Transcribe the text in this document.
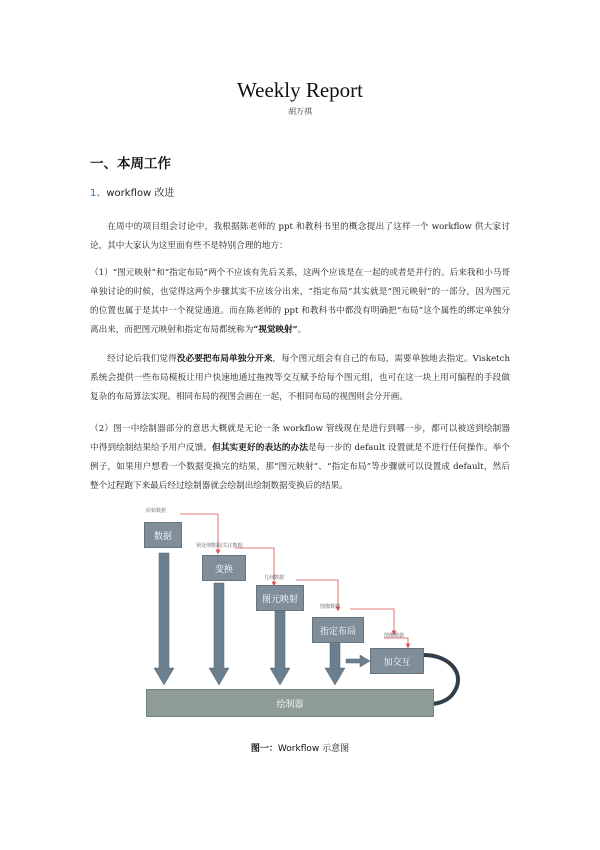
Weekly Report
胡万祺
一、本周工作
1、workflow 改进

在周中的项目组会讨论中，我根据陈老师的 ppt 和教科书里的概念提出了这样一个 workflow 供大家讨论，其中大家认为这里面有些不是特别合理的地方：

（1）“图元映射”和“指定布局”两个不应该有先后关系，这两个应该是在一起的或者是并行的。后来我和小马哥单独讨论的时候，也觉得这两个步骤其实不应该分出来，“指定布局”其实就是“图元映射”的一部分，因为图元的位置也属于是其中一个视觉通道。而在陈老师的 ppt 和教科书中都没有明确把“布局”这个属性的绑定单独分离出来，而把图元映射和指定布局都统称为“视觉映射”。

经讨论后我们觉得没必要把布局单独分开来，每个图元组会有自己的布局，需要单独地去指定。Visketch 系统会提供一些布局模板让用户快速地通过拖拽等交互赋予给每个图元组，也可在这一块上用可编程的手段做复杂的布局算法实现。相同布局的视图会画在一起，不相同布局的视图则会分开画。

（2）图一中绘制器部分的意思大概就是无论一条 workflow 管线现在是进行到哪一步，都可以被送到绘制器中得到绘制结果给予用户反馈。但其实更好的表达的办法是每一步的 default 设置就是不进行任何操作。举个例子，如果用户想看一个数据变换完的结果，那“图元映射”、“指定布局”等步骤就可以设置成 default，然后整个过程跑下来最后经过绘制器就会绘制出绘制数据变换后的结果。

数据
变换
图元映射
指定布局
加交互
绘制器
原始数据
预处理数据/关注数据
几何数据
图像数据
图像数据
图一：Workflow 示意图
